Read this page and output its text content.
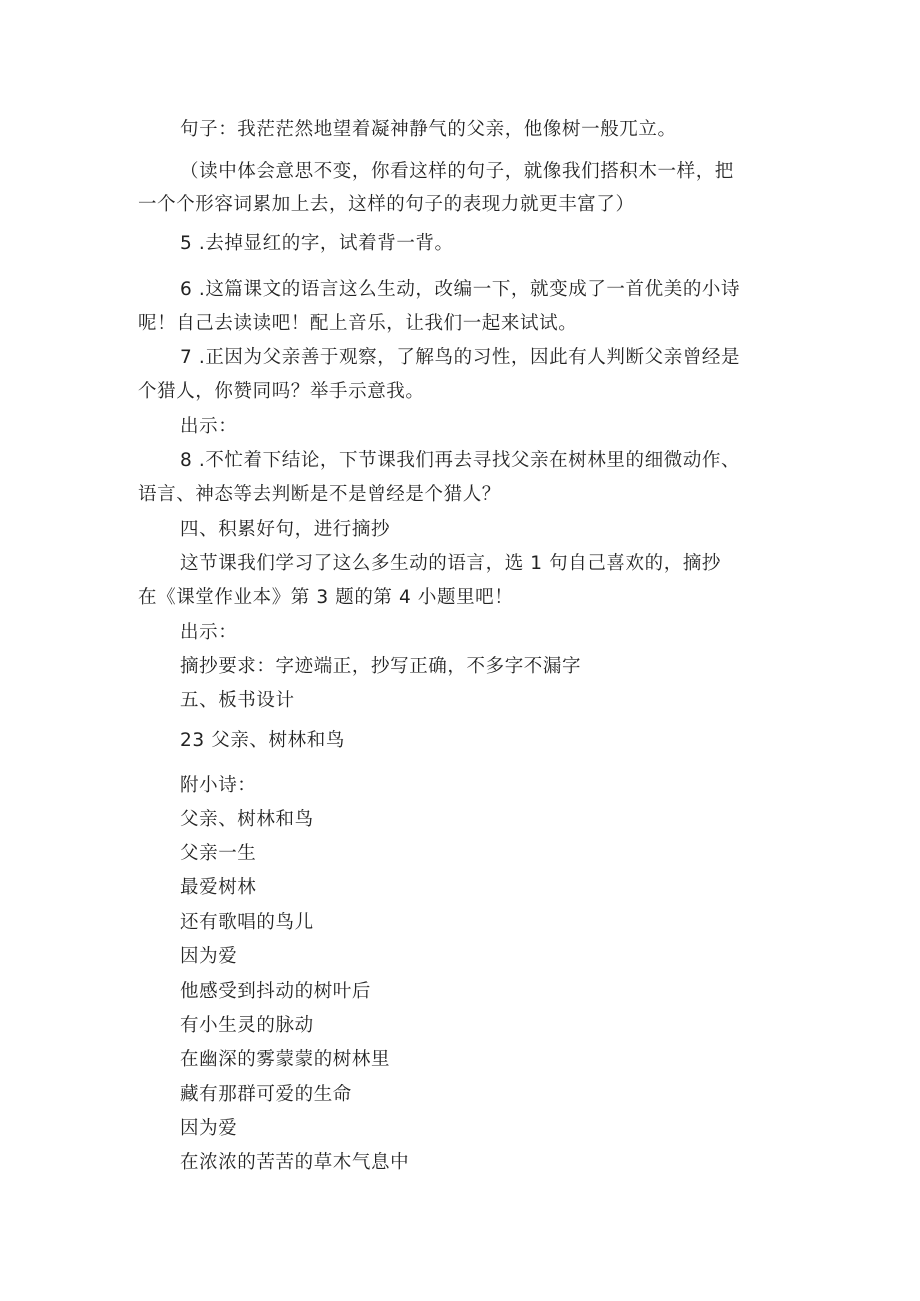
句子：我茫茫然地望着凝神静气的父亲，他像树一般兀立。

（读中体会意思不变，你看这样的句子，就像我们搭积木一样，把

一个个形容词累加上去，这样的句子的表现力就更丰富了）

5 .去掉显红的字，试着背一背。

6 .这篇课文的语言这么生动，改编一下，就变成了一首优美的小诗

呢！自己去读读吧！配上音乐，让我们一起来试试。

7 .正因为父亲善于观察，了解鸟的习性，因此有人判断父亲曾经是

个猎人，你赞同吗？举手示意我。

出示：

8 .不忙着下结论，下节课我们再去寻找父亲在树林里的细微动作、

语言、神态等去判断是不是曾经是个猎人？

四、积累好句，进行摘抄

这节课我们学习了这么多生动的语言，选 1 句自己喜欢的，摘抄

在《课堂作业本》第 3 题的第 4 小题里吧！

出示：

摘抄要求：字迹端正，抄写正确，不多字不漏字

五、板书设计

23 父亲、树林和鸟

附小诗：

父亲、树林和鸟

父亲一生

最爱树林

还有歌唱的鸟儿

因为爱

他感受到抖动的树叶后

有小生灵的脉动

在幽深的雾蒙蒙的树林里

藏有那群可爱的生命

因为爱

在浓浓的苦苦的草木气息中
